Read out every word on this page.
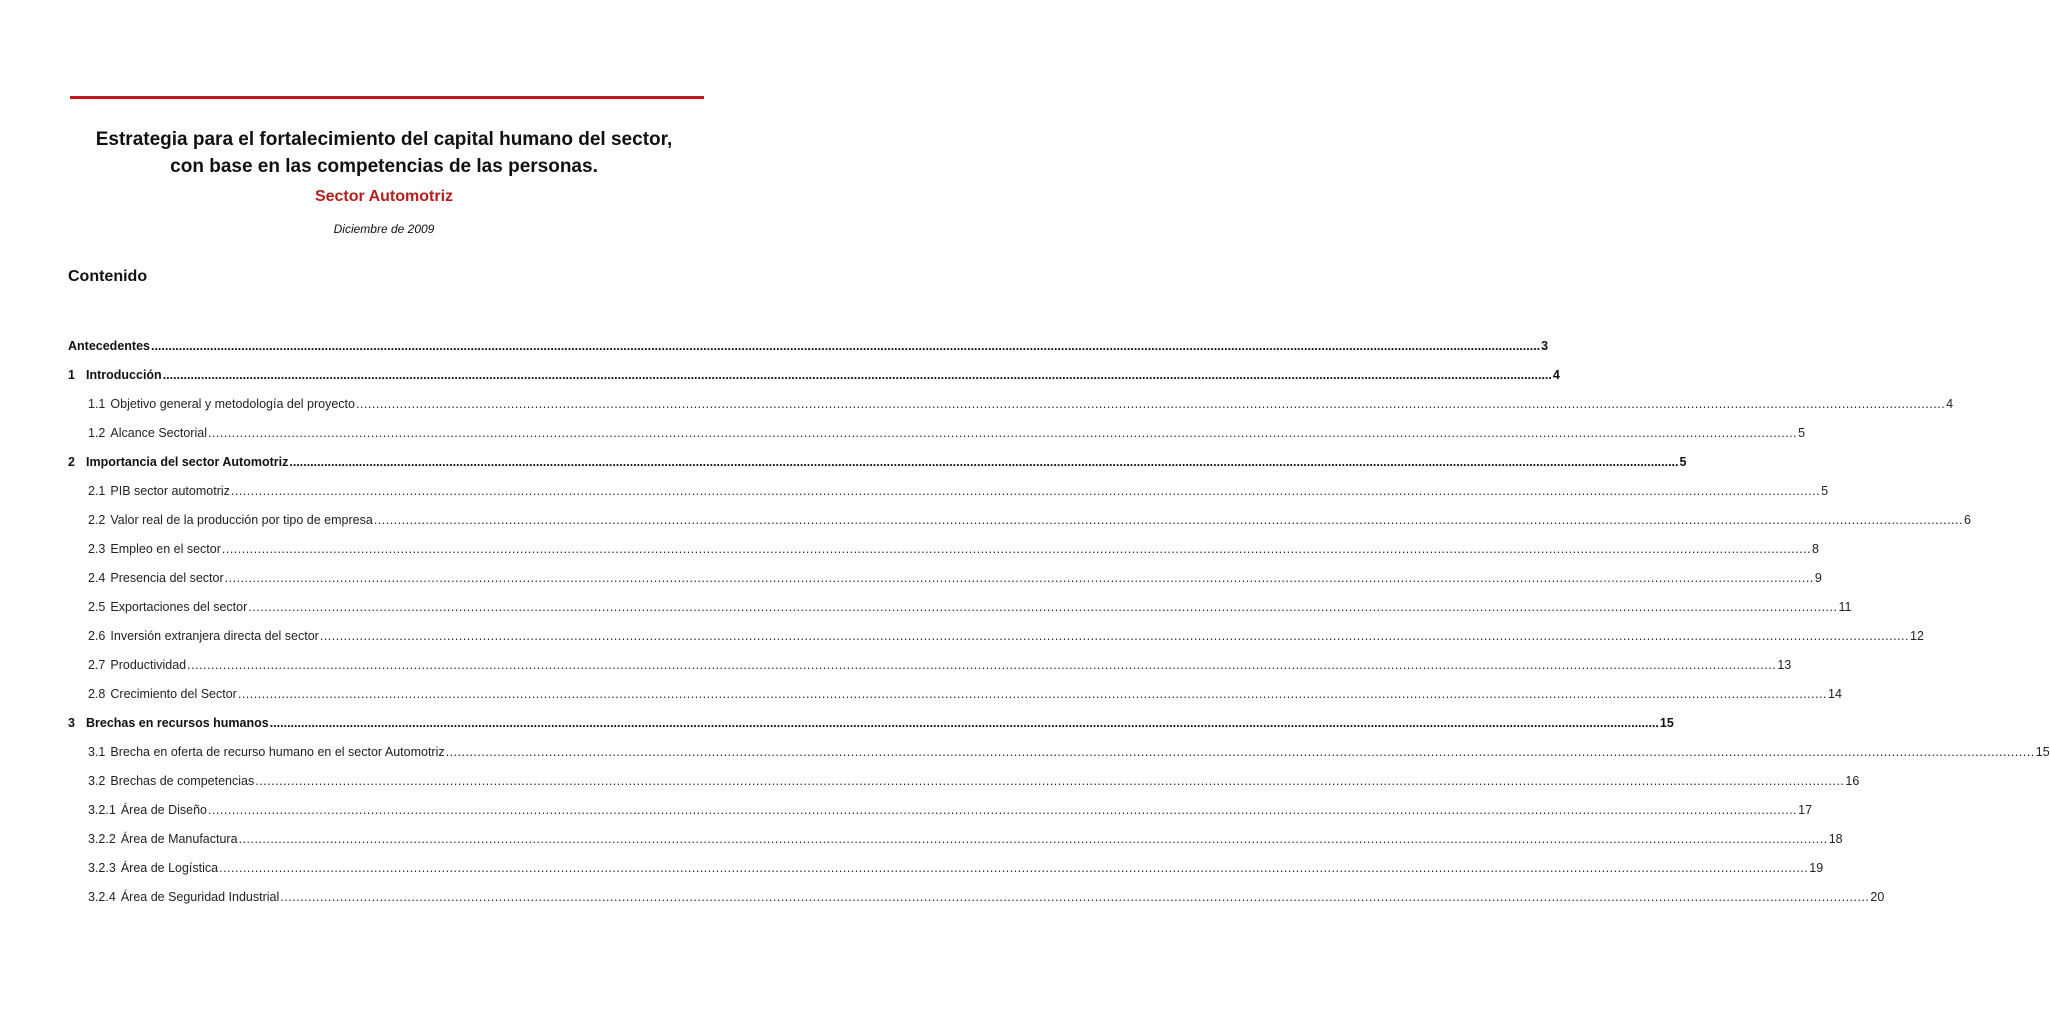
Estrategia para el fortalecimiento del capital humano del sector,
con base en las competencias de las personas.
Sector Automotriz
Diciembre de 2009
Contenido
Antecedentes ................................................................................................................................................................................................................................................................................................................................................................................................................ 3
1 Introducción ................................................................................................................................................................................................................................................................................................................................................................................................................ 4
1.1 Objetivo general y metodología del proyecto ................................................................................................................................................................................................................................................................................................................................................................................................................ 4
1.2 Alcance Sectorial ................................................................................................................................................................................................................................................................................................................................................................................................................ 5
2 Importancia del sector Automotriz ................................................................................................................................................................................................................................................................................................................................................................................................................ 5
2.1 PIB sector automotriz ................................................................................................................................................................................................................................................................................................................................................................................................................ 5
2.2 Valor real de la producción por tipo de empresa ................................................................................................................................................................................................................................................................................................................................................................................................................ 6
2.3 Empleo en el sector ................................................................................................................................................................................................................................................................................................................................................................................................................ 8
2.4 Presencia del sector ................................................................................................................................................................................................................................................................................................................................................................................................................ 9
2.5 Exportaciones del sector ................................................................................................................................................................................................................................................................................................................................................................................................................ 11
2.6 Inversión extranjera directa del sector ................................................................................................................................................................................................................................................................................................................................................................................................................ 12
2.7 Productividad ................................................................................................................................................................................................................................................................................................................................................................................................................ 13
2.8 Crecimiento del Sector ................................................................................................................................................................................................................................................................................................................................................................................................................ 14
3 Brechas en recursos humanos ................................................................................................................................................................................................................................................................................................................................................................................................................ 15
3.1 Brecha en oferta de recurso humano en el sector Automotriz ................................................................................................................................................................................................................................................................................................................................................................................................................ 15
3.2 Brechas de competencias ................................................................................................................................................................................................................................................................................................................................................................................................................ 16
3.2.1 Área de Diseño ................................................................................................................................................................................................................................................................................................................................................................................................................ 17
3.2.2 Área de Manufactura ................................................................................................................................................................................................................................................................................................................................................................................................................ 18
3.2.3 Área de Logística ................................................................................................................................................................................................................................................................................................................................................................................................................ 19
3.2.4 Área de Seguridad Industrial ................................................................................................................................................................................................................................................................................................................................................................................................................ 20
